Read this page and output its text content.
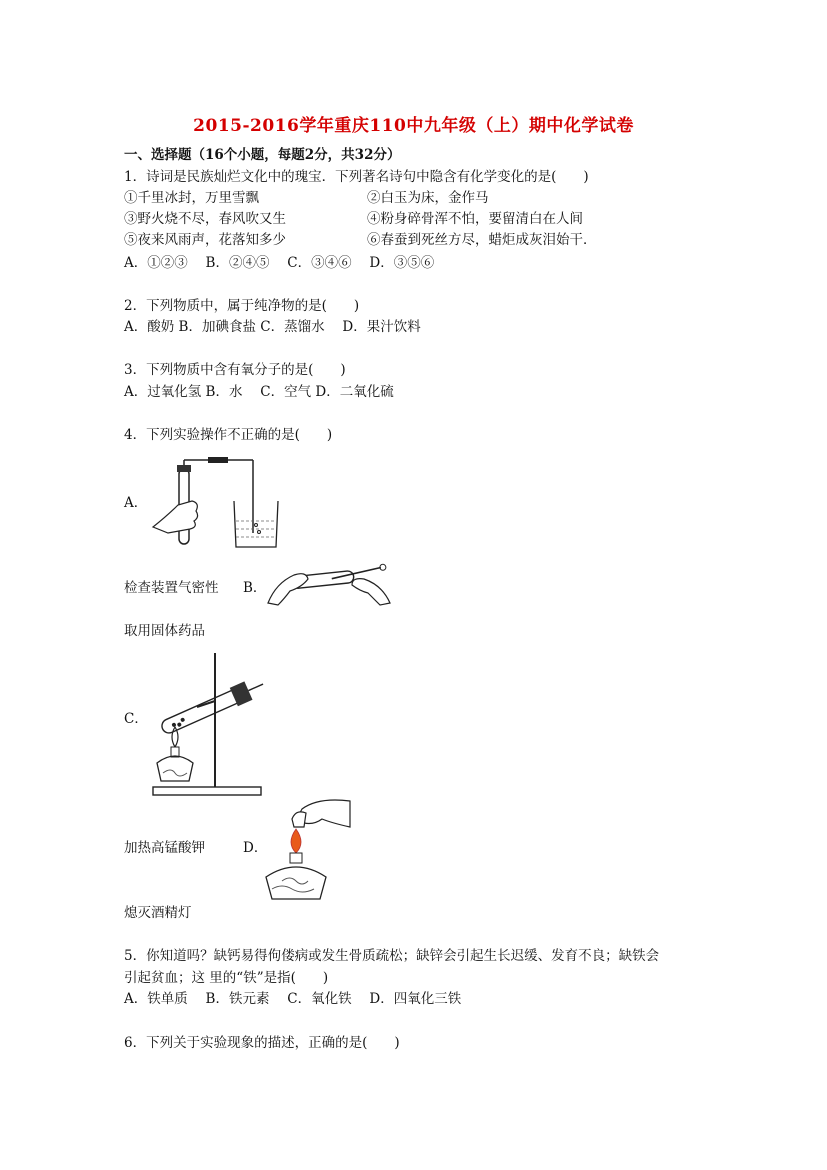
2015-2016学年重庆110中九年级（上）期中化学试卷
一、选择题（16个小题，每题2分，共32分）
1．诗词是民族灿烂文化中的瑰宝．下列著名诗句中隐含有化学变化的是(　　)
①千里冰封，万里雪飘	②白玉为床，金作马
③野火烧不尽，春风吹又生	④粉身碎骨浑不怕，要留清白在人间
⑤夜来风雨声，花落知多少	⑥春蚕到死丝方尽，蜡炬成灰泪始干．
A．①②③　 B．②④⑤　 C．③④⑥　 D．③⑤⑥
2．下列物质中，属于纯净物的是(　　)
A．酸奶 B．加碘食盐 C．蒸馏水　 D．果汁饮料
3．下列物质中含有氧分子的是(　　)
A．过氧化氢 B．水　 C．空气 D．二氧化硫
4．下列实验操作不正确的是(　　)
A．
检查装置气密性 B．
取用固体药品
C．
加热高锰酸钾	D．
熄灭酒精灯
5．你知道吗？缺钙易得佝偻病或发生骨质疏松；缺锌会引起生长迟缓、发育不良；缺铁会
引起贫血；这 里的“铁”是指(　　)
A．铁单质　 B．铁元素　 C．氧化铁　 D．四氧化三铁
6．下列关于实验现象的描述，正确的是(　　)
